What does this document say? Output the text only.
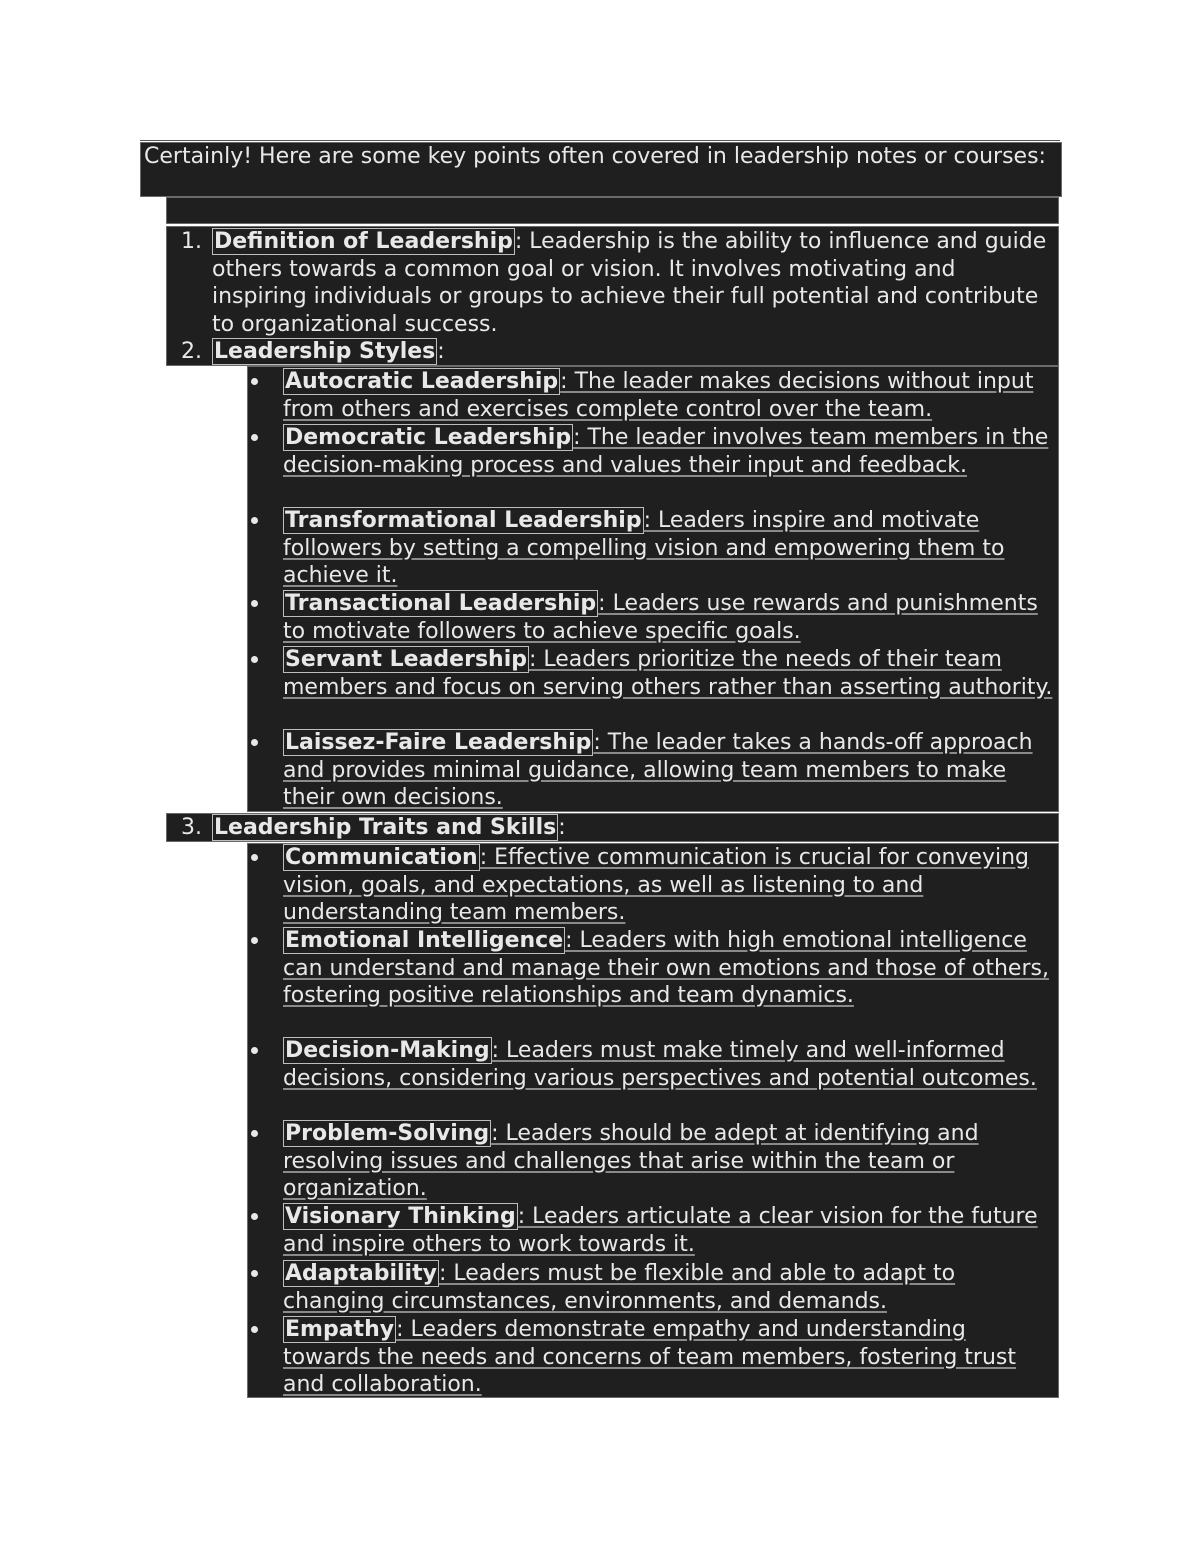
Certainly! Here are some key points often covered in leadership notes or courses:
1. Definition of Leadership: Leadership is the ability to influence and guide others towards a common goal or vision. It involves motivating and inspiring individuals or groups to achieve their full potential and contribute to organizational success.
2. Leadership Styles:
Autocratic Leadership: The leader makes decisions without input from others and exercises complete control over the team.
Democratic Leadership: The leader involves team members in the decision-making process and values their input and feedback.
Transformational Leadership: Leaders inspire and motivate followers by setting a compelling vision and empowering them to achieve it.
Transactional Leadership: Leaders use rewards and punishments to motivate followers to achieve specific goals.
Servant Leadership: Leaders prioritize the needs of their team members and focus on serving others rather than asserting authority.
Laissez-Faire Leadership: The leader takes a hands-off approach and provides minimal guidance, allowing team members to make their own decisions.
3. Leadership Traits and Skills:
Communication: Effective communication is crucial for conveying vision, goals, and expectations, as well as listening to and understanding team members.
Emotional Intelligence: Leaders with high emotional intelligence can understand and manage their own emotions and those of others, fostering positive relationships and team dynamics.
Decision-Making: Leaders must make timely and well-informed decisions, considering various perspectives and potential outcomes.
Problem-Solving: Leaders should be adept at identifying and resolving issues and challenges that arise within the team or organization.
Visionary Thinking: Leaders articulate a clear vision for the future and inspire others to work towards it.
Adaptability: Leaders must be flexible and able to adapt to changing circumstances, environments, and demands.
Empathy: Leaders demonstrate empathy and understanding towards the needs and concerns of team members, fostering trust and collaboration.
